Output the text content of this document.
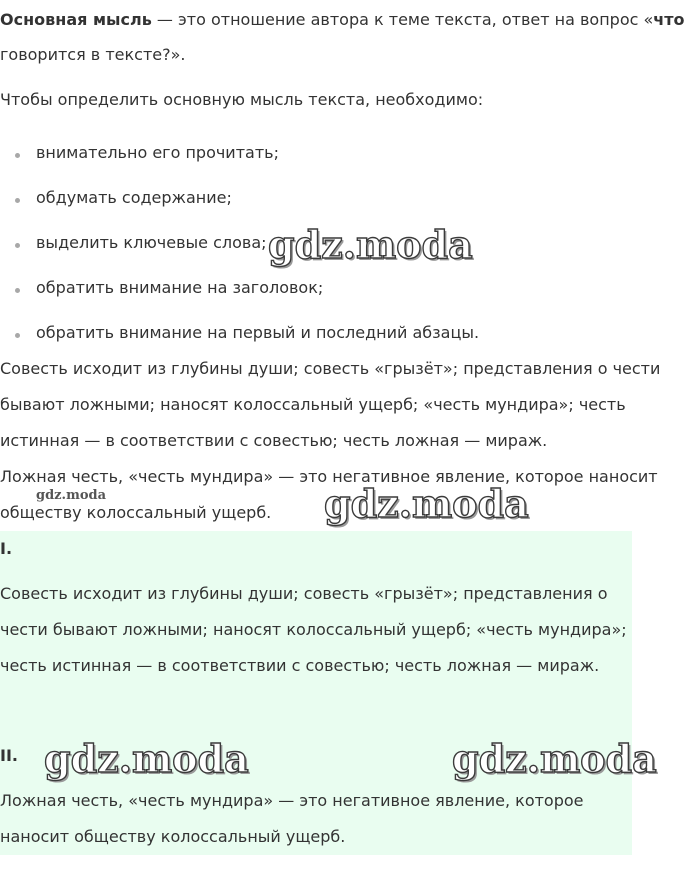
Основная мысль — это отношение автора к теме текста, ответ на вопрос «что
говорится в тексте?».
Чтобы определить основную мысль текста, необходимо:
внимательно его прочитать;
обдумать содержание;
выделить ключевые слова;
обратить внимание на заголовок;
обратить внимание на первый и последний абзацы.
Совесть исходит из глубины души; совесть «грызёт»; представления о чести
бывают ложными; наносят колоссальный ущерб; «честь мундира»; честь
истинная — в соответствии с совестью; честь ложная — мираж.
Ложная честь, «честь мундира» — это негативное явление, которое наносит
обществу колоссальный ущерб.
I.
Совесть исходит из глубины души; совесть «грызёт»; представления о
чести бывают ложными; наносят колоссальный ущерб; «честь мундира»;
честь истинная — в соответствии с совестью; честь ложная — мираж.
II.
Ложная честь, «честь мундира» — это негативное явление, которое
наносит обществу колоссальный ущерб.
gdz.moda
gdz.moda
gdz.moda	gdz.moda
gdz.moda
